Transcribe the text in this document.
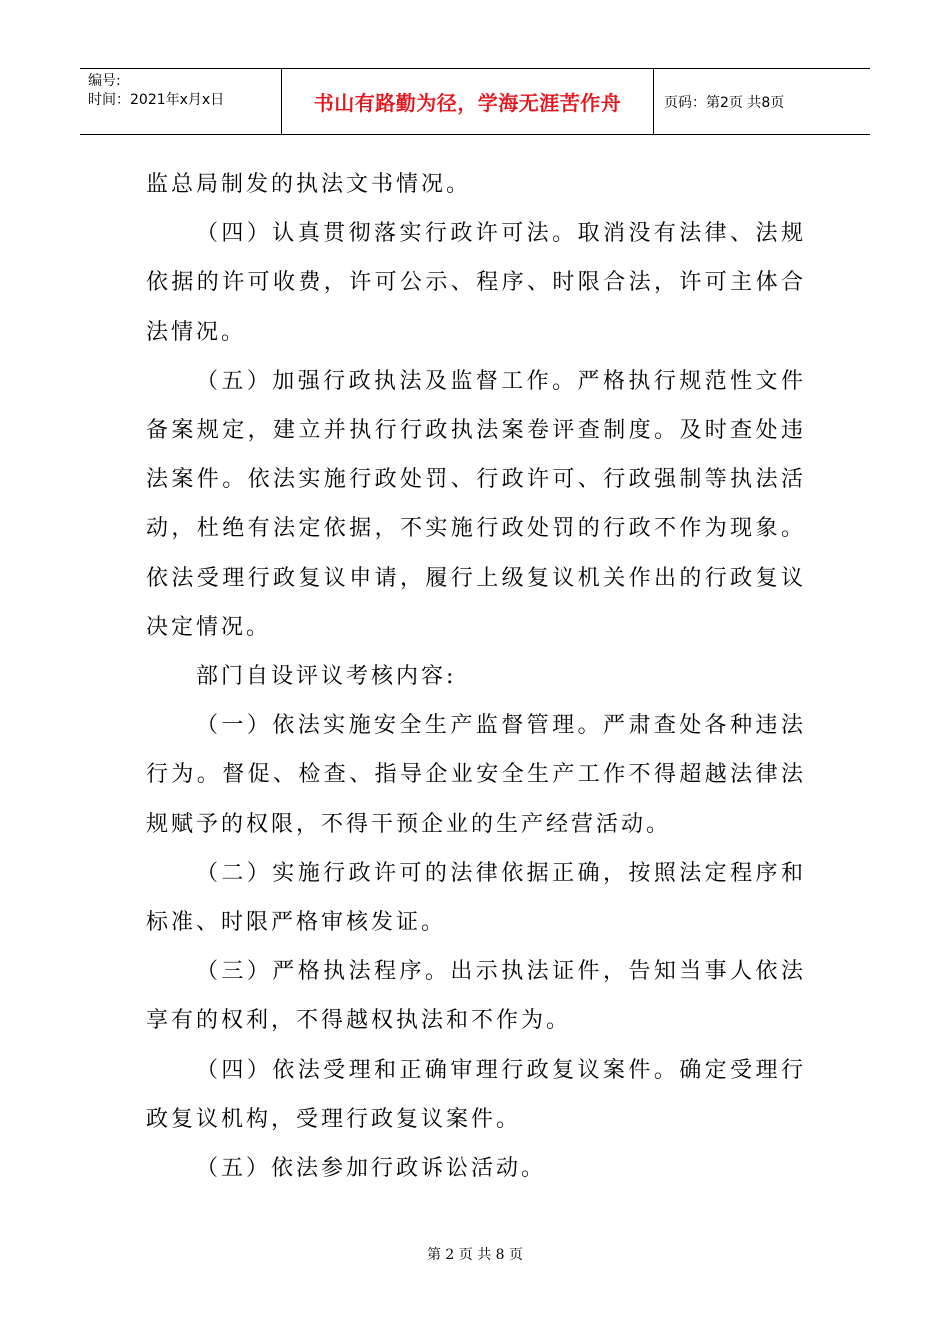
编号:
时间：2021年x月x日	书山有路勤为径，学海无涯苦作舟	页码：第2页 共8页

监总局制发的执法文书情况。

（四）认真贯彻落实行政许可法。取消没有法律、法规依据的许可收费，许可公示、程序、时限合法，许可主体合法情况。

（五）加强行政执法及监督工作。严格执行规范性文件备案规定，建立并执行行政执法案卷评查制度。及时查处违法案件。依法实施行政处罚、行政许可、行政强制等执法活动，杜绝有法定依据，不实施行政处罚的行政不作为现象。依法受理行政复议申请，履行上级复议机关作出的行政复议决定情况。

部门自设评议考核内容:

（一）依法实施安全生产监督管理。严肃查处各种违法行为。督促、检查、指导企业安全生产工作不得超越法律法规赋予的权限，不得干预企业的生产经营活动。

（二）实施行政许可的法律依据正确，按照法定程序和标准、时限严格审核发证。

（三）严格执法程序。出示执法证件，告知当事人依法享有的权利，不得越权执法和不作为。

（四）依法受理和正确审理行政复议案件。确定受理行政复议机构，受理行政复议案件。

（五）依法参加行政诉讼活动。

第 2 页 共 8 页
